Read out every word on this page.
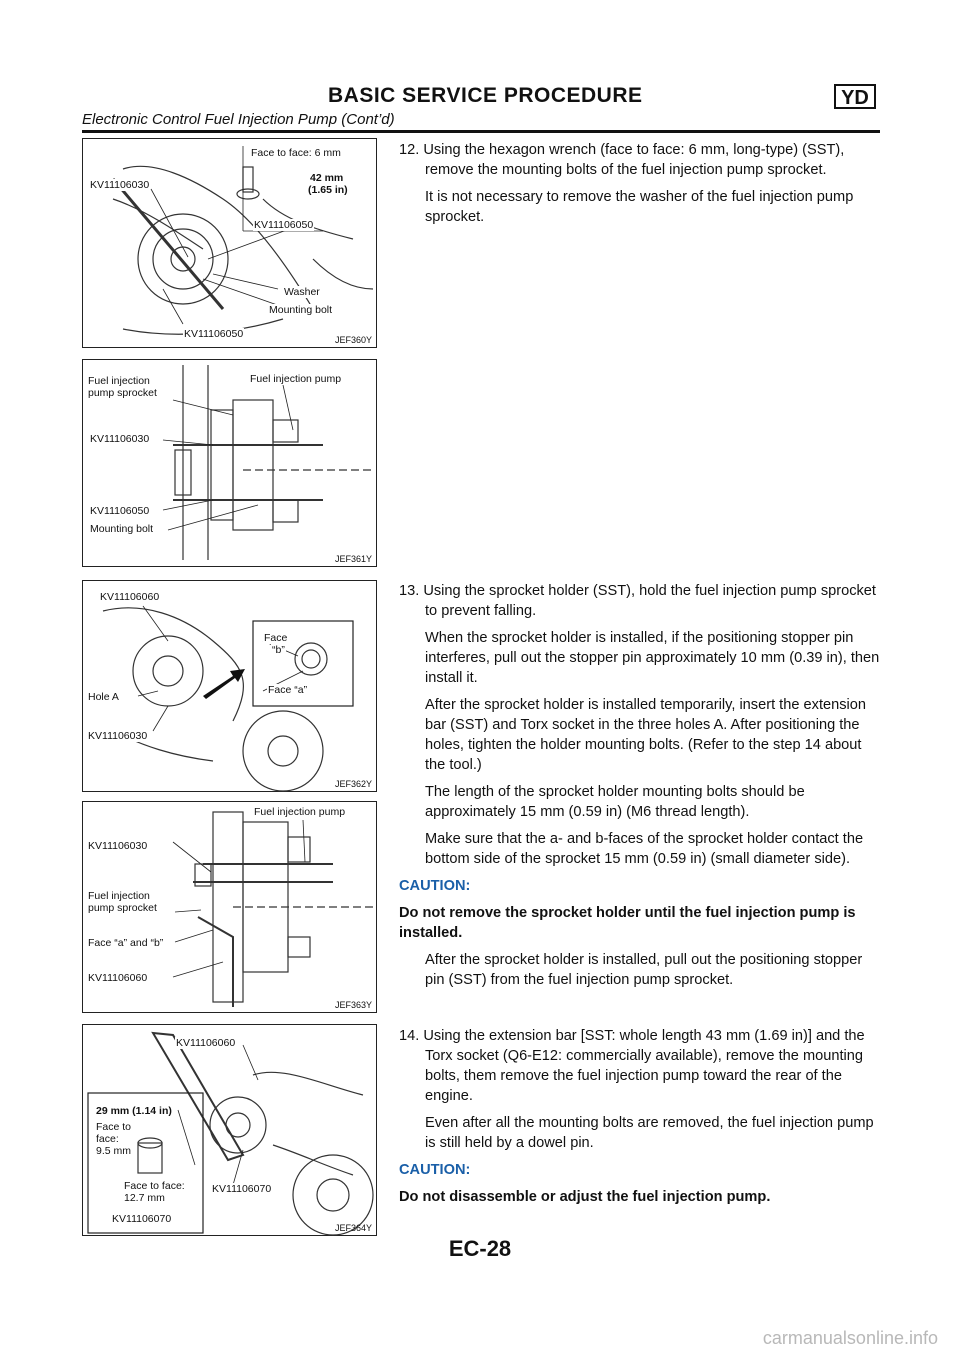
BASIC SERVICE PROCEDURE	YD
Electronic Control Fuel Injection Pump (Cont’d)
Face to face: 6 mm
42 mm
(1.65 in)
KV11106030
KV11106050
Washer
Mounting bolt
KV11106050	JEF360Y
Fuel injection
pump sprocket
Fuel injection pump
KV11106030
KV11106050
Mounting bolt
JEF361Y
KV11106060
Face
“b”
Hole A
Face “a”
KV11106030
JEF362Y
Fuel injection pump
KV11106030
Fuel injection
pump sprocket
Face “a” and “b”
KV11106060
JEF363Y
KV11106060
29 mm (1.14 in)
Face to
face:
9.5 mm
KV11106070
Face to face:
12.7 mm
KV11106070
JEF364Y

12. Using the hexagon wrench (face to face: 6 mm, long-type) (SST), remove the mounting bolts of the fuel injection pump sprocket.

It is not necessary to remove the washer of the fuel injection pump sprocket.

13. Using the sprocket holder (SST), hold the fuel injection pump sprocket to prevent falling.

When the sprocket holder is installed, if the positioning stopper pin interferes, pull out the stopper pin approximately 10 mm (0.39 in), then install it.

After the sprocket holder is installed temporarily, insert the extension bar (SST) and Torx socket in the three holes A. After positioning the holes, tighten the holder mounting bolts. (Refer to the step 14 about the tool.)

The length of the sprocket holder mounting bolts should be approximately 15 mm (0.59 in) (M6 thread length).

Make sure that the a- and b-faces of the sprocket holder contact the bottom side of the sprocket 15 mm (0.59 in) (small diameter side).

CAUTION:

Do not remove the sprocket holder until the fuel injection pump is installed.

After the sprocket holder is installed, pull out the positioning stopper pin (SST) from the fuel injection pump sprocket.

14. Using the extension bar [SST: whole length 43 mm (1.69 in)] and the Torx socket (Q6-E12: commercially available), remove the mounting bolts, them remove the fuel injection pump toward the rear of the engine.

Even after all the mounting bolts are removed, the fuel injection pump is still held by a dowel pin.

CAUTION:

Do not disassemble or adjust the fuel injection pump.

EC-28
carmanualsonline.info
